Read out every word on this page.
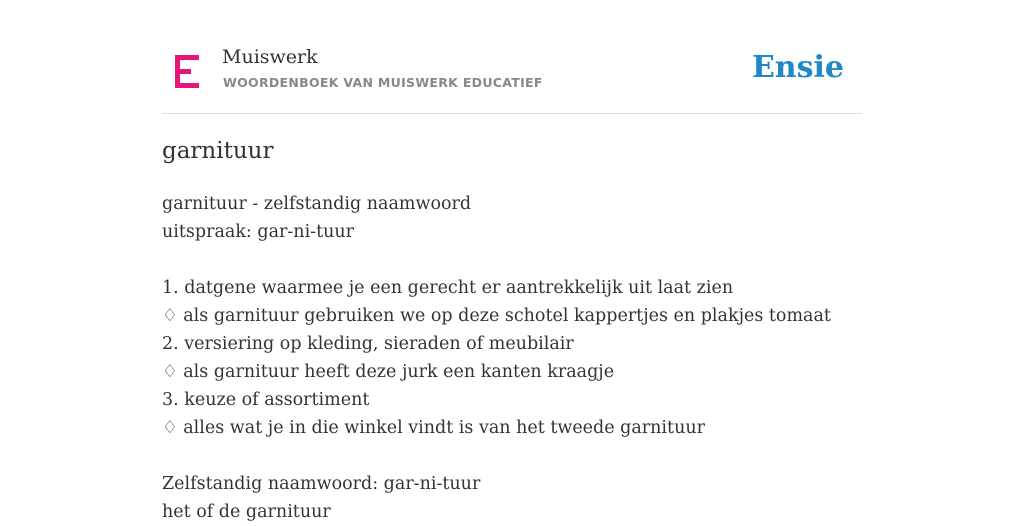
Muiswerk
WOORDENBOEK VAN MUISWERK EDUCATIEF	Ensie
garnituur
garnituur - zelfstandig naamwoord
uitspraak: gar-ni-tuur
1. datgene waarmee je een gerecht er aantrekkelijk uit laat zien
♢ als garnituur gebruiken we op deze schotel kappertjes en plakjes tomaat
2. versiering op kleding, sieraden of meubilair
♢ als garnituur heeft deze jurk een kanten kraagje
3. keuze of assortiment
♢ alles wat je in die winkel vindt is van het tweede garnituur
Zelfstandig naamwoord: gar-ni-tuur
het of de garnituur
